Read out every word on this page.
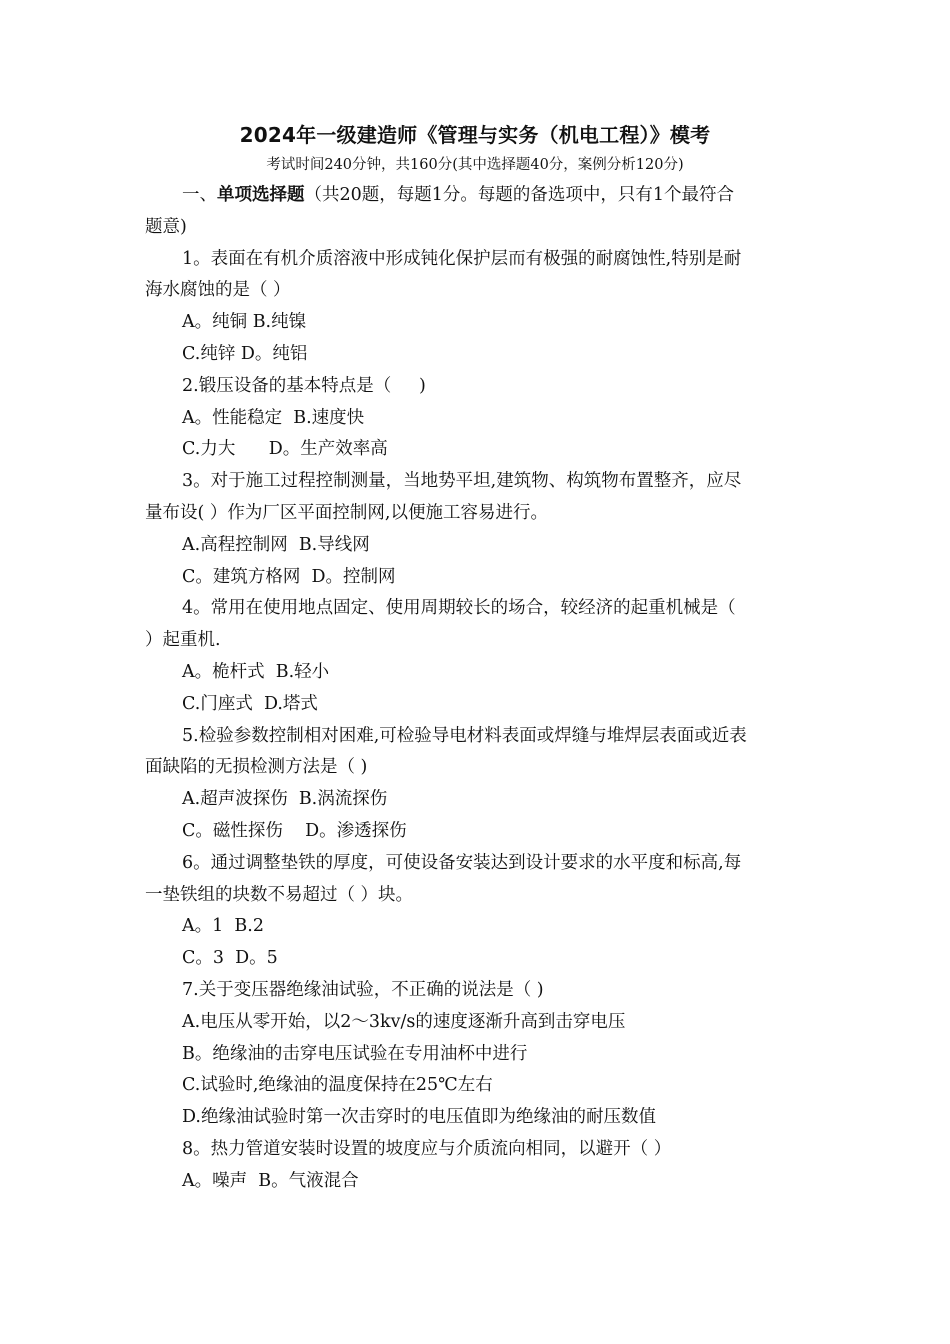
2024年一级建造师《管理与实务（机电工程）》模考
考试时间240分钟，共160分(其中选择题40分，案例分析120分)
一、单项选择题（共20题，每题1分。每题的备选项中，只有1个最符合
题意)
1。表面在有机介质溶液中形成钝化保护层而有极强的耐腐蚀性,特别是耐
海水腐蚀的是（ ）
A。纯铜 B.纯镍
C.纯锌 D。纯铝
2.锻压设备的基本特点是（     )
A。性能稳定  B.速度快
C.力大      D。生产效率高
3。对于施工过程控制测量，当地势平坦,建筑物、构筑物布置整齐，应尽
量布设( ）作为厂区平面控制网,以便施工容易进行。
A.高程控制网  B.导线网
C。建筑方格网  D。控制网
4。常用在使用地点固定、使用周期较长的场合，较经济的起重机械是（
）起重机.
A。桅杆式  B.轻小
C.门座式  D.塔式
5.检验参数控制相对困难,可检验导电材料表面或焊缝与堆焊层表面或近表
面缺陷的无损检测方法是（ )
A.超声波探伤  B.涡流探伤
C。磁性探伤    D。渗透探伤
6。通过调整垫铁的厚度，可使设备安装达到设计要求的水平度和标高,每
一垫铁组的块数不易超过（ ）块。
A。1  B.2
C。3  D。5
7.关于变压器绝缘油试验，不正确的说法是（ )
A.电压从零开始，以2～3kv/s的速度逐渐升高到击穿电压
B。绝缘油的击穿电压试验在专用油杯中进行
C.试验时,绝缘油的温度保持在25℃左右
D.绝缘油试验时第一次击穿时的电压值即为绝缘油的耐压数值
8。热力管道安装时设置的坡度应与介质流向相同，以避开（ ）
A。噪声  B。气液混合
